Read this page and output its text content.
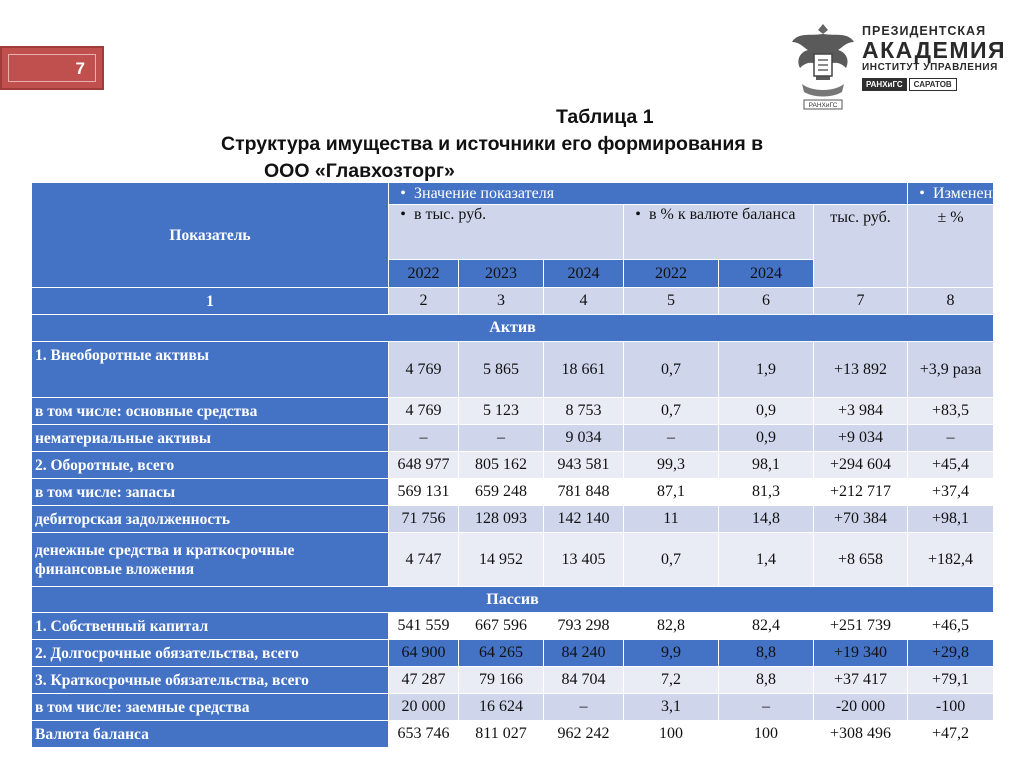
7
РАНХиГС
ПРЕЗИДЕНТСКАЯ
АКАДЕМИЯ
ИНСТИТУТ УПРАВЛЕНИЯ
РАНХиГС	САРАТОВ
Таблица 1
Структура имущества и источники его формирования в
ООО «Главхозторг»
Показатель	• Значение показателя						• Изменение

	• в тыс. руб.			• в % к валюте баланса		тыс. руб.	± %
	2022	2023	2024	2022	2024		
1	2	3	4	5	6	7	8
Актив							
1. Внеоборотные активы	4 769	5 865	18 661	0,7	1,9	+13 892	+3,9 раза
в том числе: основные средства	4 769	5 123	8 753	0,7	0,9	+3 984	+83,5
нематериальные активы	–	–	9 034	–	0,9	+9 034	–
2. Оборотные, всего	648 977	805 162	943 581	99,3	98,1	+294 604	+45,4
в том числе: запасы	569 131	659 248	781 848	87,1	81,3	+212 717	+37,4
дебиторская задолженность	71 756	128 093	142 140	11	14,8	+70 384	+98,1
денежные средства и краткосрочные финансовые вложения	4 747	14 952	13 405	0,7	1,4	+8 658	+182,4
Пассив							
1. Собственный капитал	541 559	667 596	793 298	82,8	82,4	+251 739	+46,5
2. Долгосрочные обязательства, всего	64 900	64 265	84 240	9,9	8,8	+19 340	+29,8
3. Краткосрочные обязательства, всего	47 287	79 166	84 704	7,2	8,8	+37 417	+79,1
в том числе: заемные средства	20 000	16 624	–	3,1	–	-20 000	-100
Валюта баланса	653 746	811 027	962 242	100	100	+308 496	+47,2
